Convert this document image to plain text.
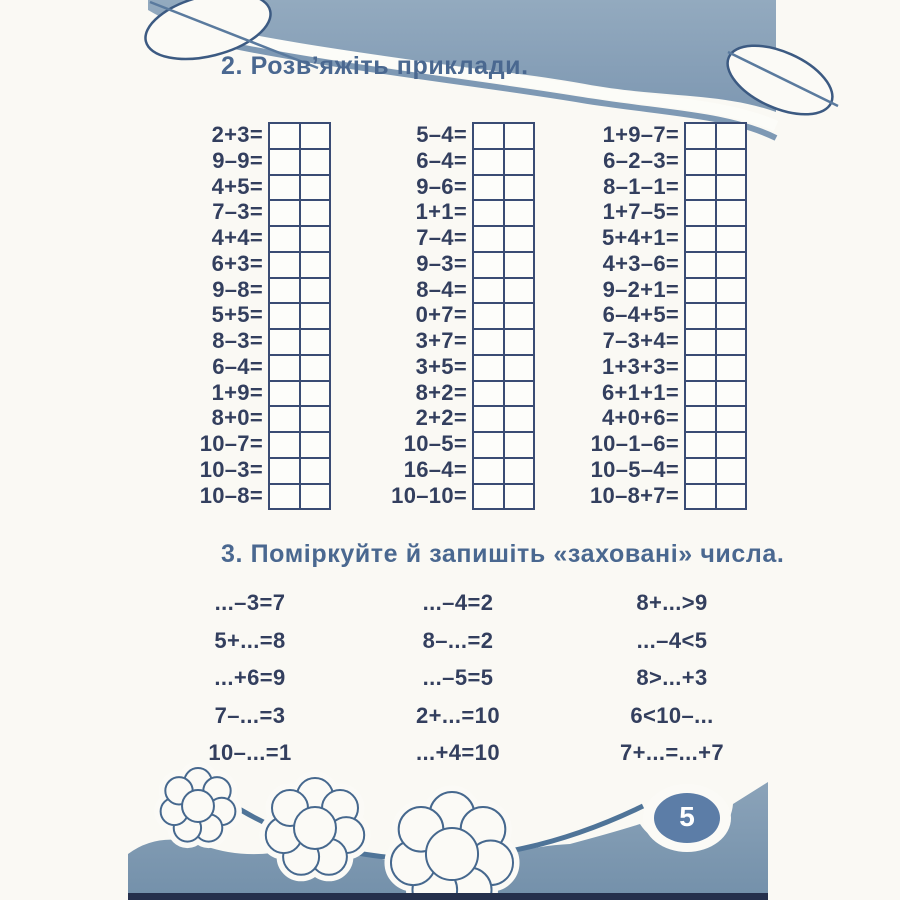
2. Розв’яжіть приклади.
2+3=
9–9=
4+5=
7–3=
4+4=
6+3=
9–8=
5+5=
8–3=
6–4=
1+9=
8+0=
10–7=
10–3=
10–8=
5–4=
6–4=
9–6=
1+1=
7–4=
9–3=
8–4=
0+7=
3+7=
3+5=
8+2=
2+2=
10–5=
16–4=
10–10=
1+9–7=
6–2–3=
8–1–1=
1+7–5=
5+4+1=
4+3–6=
9–2+1=
6–4+5=
7–3+4=
1+3+3=
6+1+1=
4+0+6=
10–1–6=
10–5–4=
10–8+7=
3. Поміркуйте й запишіть «заховані» числа.
...–3=7
5+...=8
...+6=9
7–...=3
10–...=1
...–4=2
8–...=2
...–5=5
2+...=10
...+4=10
8+...>9
...–4<5
8>...+3
6<10–...
7+...=...+7
5
